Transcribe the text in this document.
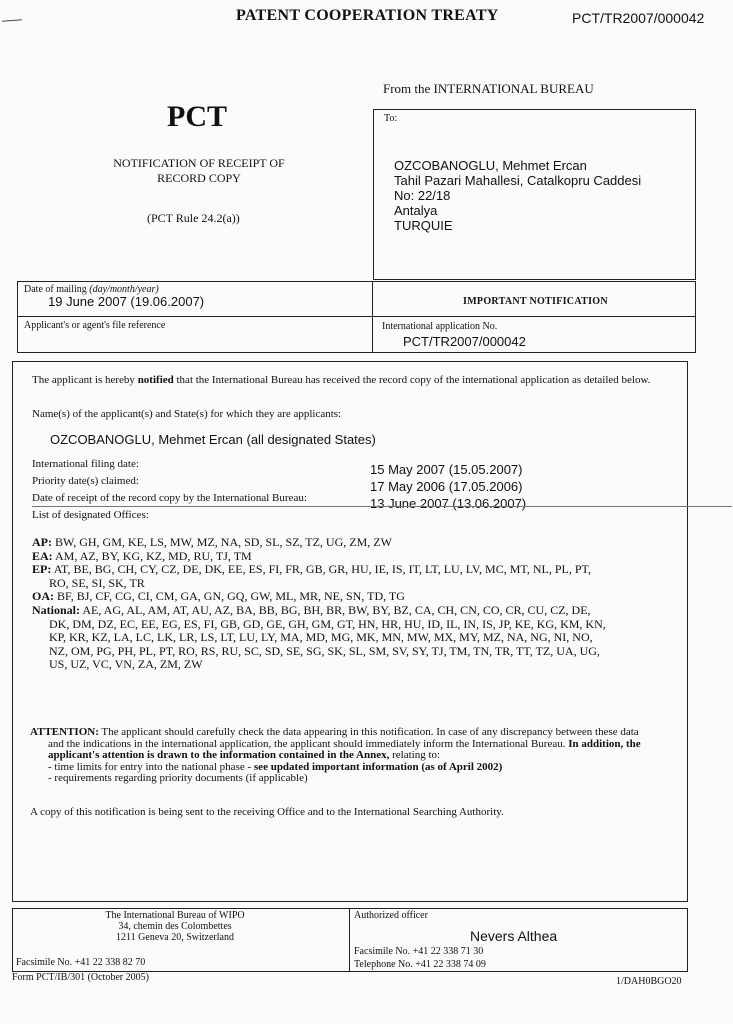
PATENT COOPERATION TREATY	PCT/TR2007/000042
From the INTERNATIONAL BUREAU
PCT
NOTIFICATION OF RECEIPT OF RECORD COPY
(PCT Rule 24.2(a))
To:
OZCOBANOGLU, Mehmet Ercan
Tahil Pazari Mahallesi, Catalkopru Caddesi
No: 22/18
Antalya
TURQUIE
Date of mailing (day/month/year)
19 June 2007 (19.06.2007)	IMPORTANT NOTIFICATION
Applicant's or agent's file reference	International application No.
PCT/TR2007/000042
The applicant is hereby notified that the International Bureau has received the record copy of the international application as detailed below.
Name(s) of the applicant(s) and State(s) for which they are applicants:
OZCOBANOGLU, Mehmet Ercan (all designated States)
International filing date:	15 May 2007 (15.05.2007)
Priority date(s) claimed:	17 May 2006 (17.05.2006)
Date of receipt of the record copy by the International Bureau:	13 June 2007 (13.06.2007)
List of designated Offices:

AP: BW, GH, GM, KE, LS, MW, MZ, NA, SD, SL, SZ, TZ, UG, ZM, ZW

EA: AM, AZ, BY, KG, KZ, MD, RU, TJ, TM

EP: AT, BE, BG, CH, CY, CZ, DE, DK, EE, ES, FI, FR, GB, GR, HU, IE, IS, IT, LT, LU, LV, MC, MT, NL, PL, PT,

RO, SE, SI, SK, TR

OA: BF, BJ, CF, CG, CI, CM, GA, GN, GQ, GW, ML, MR, NE, SN, TD, TG

National: AE, AG, AL, AM, AT, AU, AZ, BA, BB, BG, BH, BR, BW, BY, BZ, CA, CH, CN, CO, CR, CU, CZ, DE,

DK, DM, DZ, EC, EE, EG, ES, FI, GB, GD, GE, GH, GM, GT, HN, HR, HU, ID, IL, IN, IS, JP, KE, KG, KM, KN,

KP, KR, KZ, LA, LC, LK, LR, LS, LT, LU, LY, MA, MD, MG, MK, MN, MW, MX, MY, MZ, NA, NG, NI, NO,

NZ, OM, PG, PH, PL, PT, RO, RS, RU, SC, SD, SE, SG, SK, SL, SM, SV, SY, TJ, TM, TN, TR, TT, TZ, UA, UG,

US, UZ, VC, VN, ZA, ZM, ZW

ATTENTION: The applicant should carefully check the data appearing in this notification. In case of any discrepancy between these data

and the indications in the international application, the applicant should immediately inform the International Bureau. In addition, the

applicant's attention is drawn to the information contained in the Annex, relating to:

- time limits for entry into the national phase - see updated important information (as of April 2002)

- requirements regarding priority documents (if applicable)

A copy of this notification is being sent to the receiving Office and to the International Searching Authority.
The International Bureau of WIPO
34, chemin des Colombettes
1211 Geneva 20, Switzerland
Facsimile No. +41 22 338 82 70
Authorized officer
Nevers Althea
Facsimile No. +41 22 338 71 30
Telephone No. +41 22 338 74 09
Form PCT/IB/301 (October 2005)	1/DAH0BGO20
